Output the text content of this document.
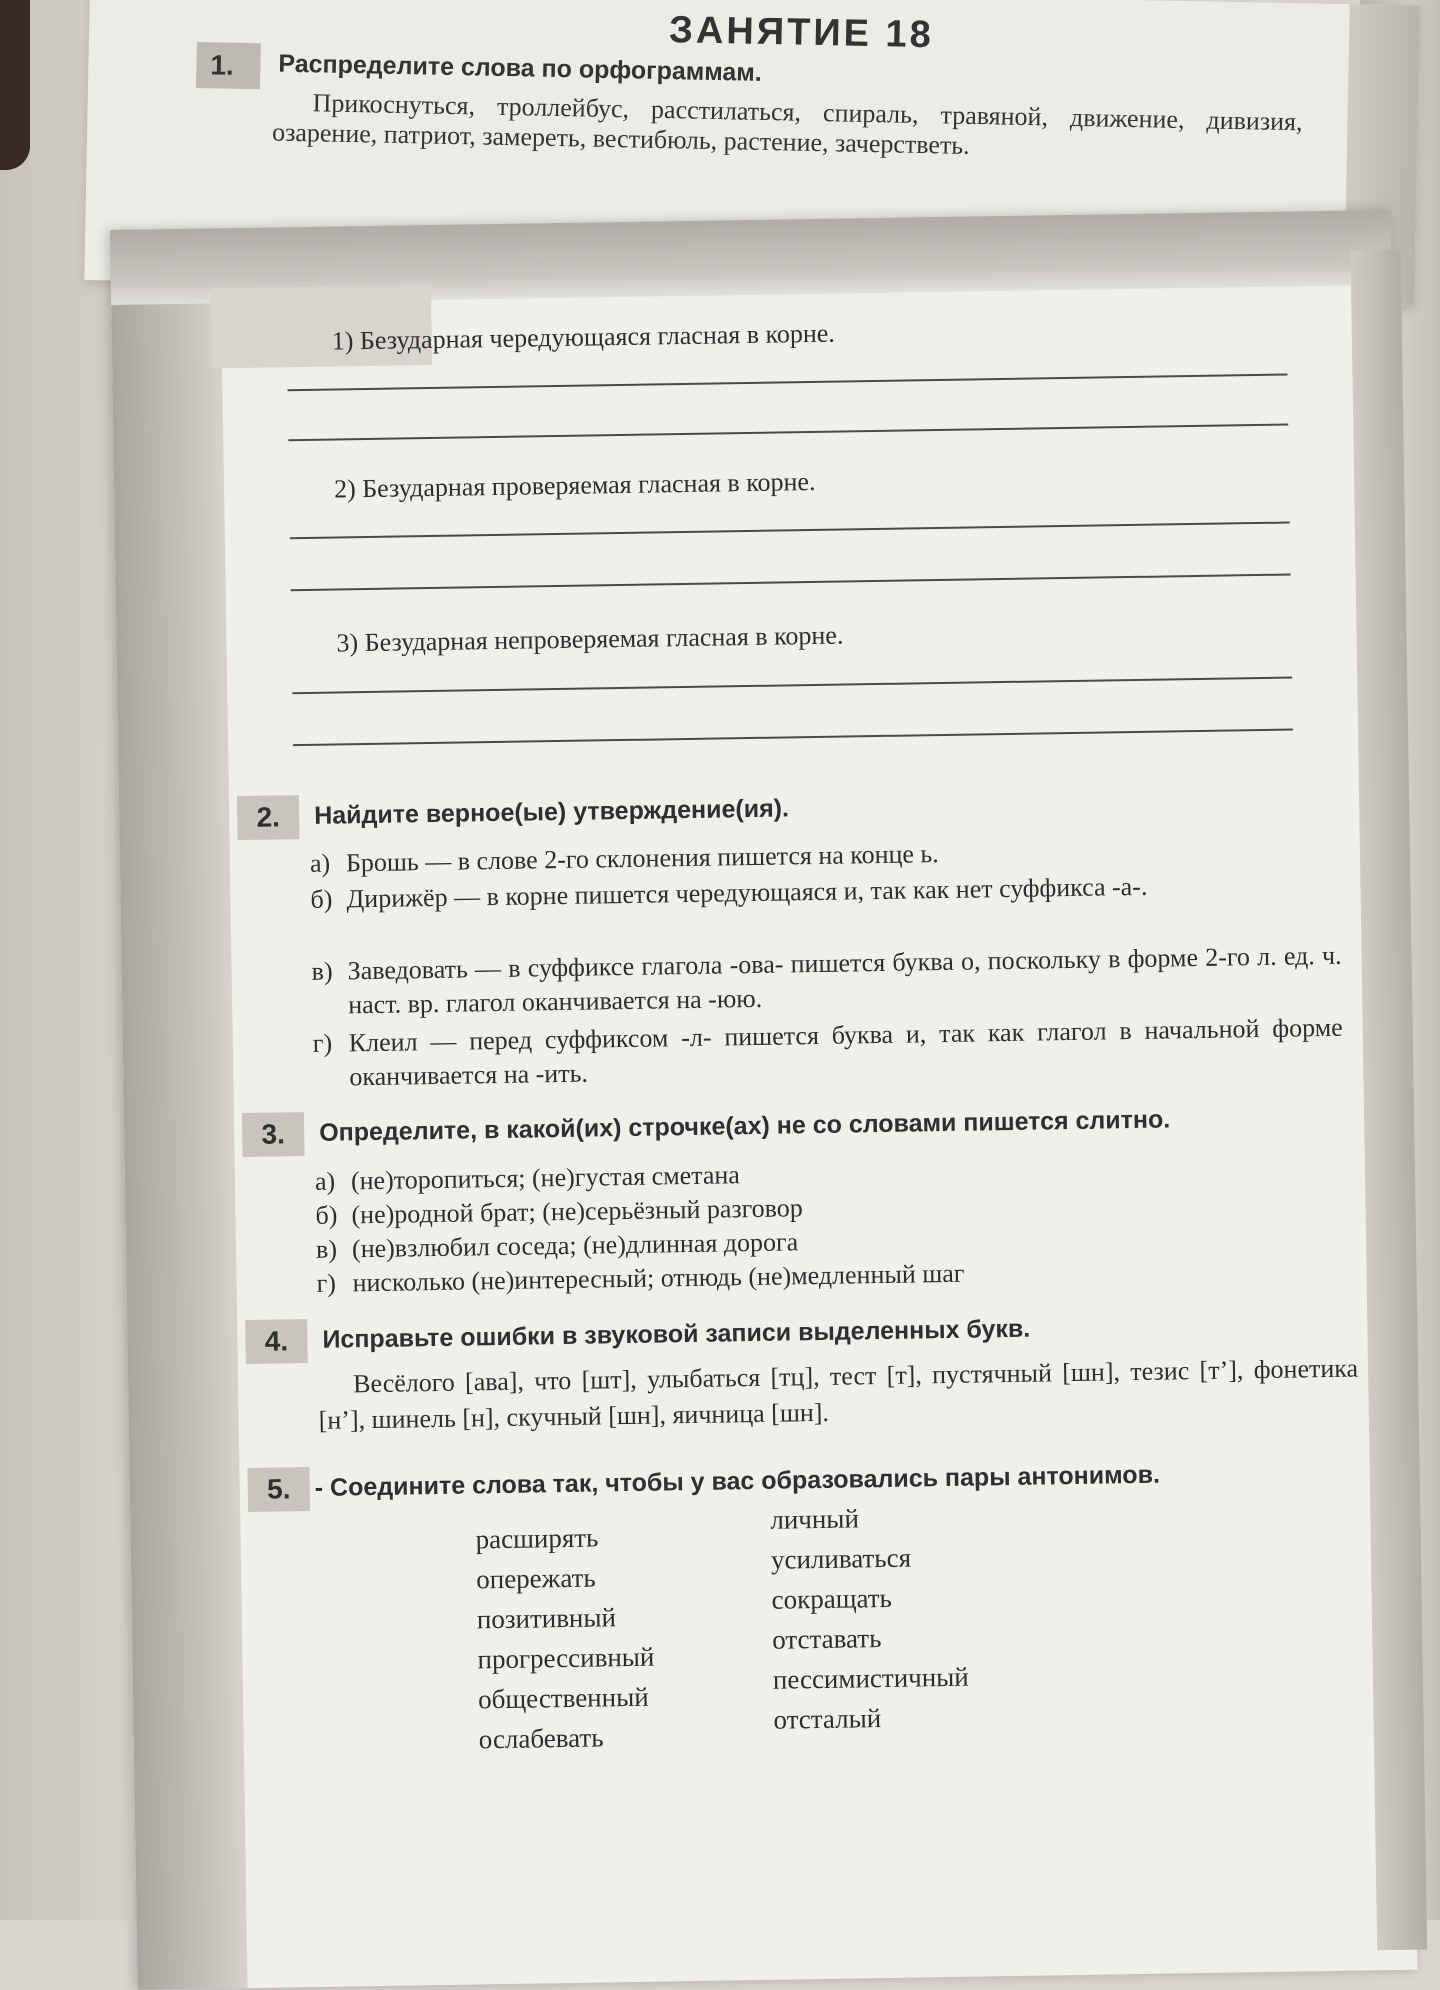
ЗАНЯТИЕ 18
1.	Распределите слова по орфограммам.
Прикоснуться, троллейбус, расстилаться, спираль, травяной, движение, дивизия, озарение, патриот, замереть, вестибюль, растение, зачерстветь.
1) Безударная чередующаяся гласная в корне.
2) Безударная проверяемая гласная в корне.
3) Безударная непроверяемая гласная в корне.
2.	Найдите верное(ые) утверждение(ия).
а) Брошь — в слове 2-го склонения пишется на конце ь.
б) Дирижёр — в корне пишется чередующаяся и, так как нет суффикса -а-.
в) Заведовать — в суффиксе глагола -ова- пишется буква о, поскольку в форме 2-го л. ед. ч. наст. вр. глагол оканчивается на -юю.
г) Клеил — перед суффиксом -л- пишется буква и, так как глагол в начальной форме оканчивается на -ить.
3.	Определите, в какой(их) строчке(ах) не со словами пишется слитно.
а) (не)торопиться; (не)густая сметана
б) (не)родной брат; (не)серьёзный разговор
в) (не)взлюбил соседа; (не)длинная дорога
г) нисколько (не)интересный; отнюдь (не)медленный шаг
4.	Исправьте ошибки в звуковой записи выделенных букв.
Весёлого [ава], что [шт], улыбаться [тц], тест [т], пустячный [шн], тезис [т’], фонетика [н’], шинель [н], скучный [шн], яичница [шн].
5. - Соедините слова так, чтобы у вас образовались пары антонимов.
расширять
опережать
позитивный
прогрессивный
общественный
ослабевать
личный
усиливаться
сокращать
отставать
пессимистичный
отсталый
